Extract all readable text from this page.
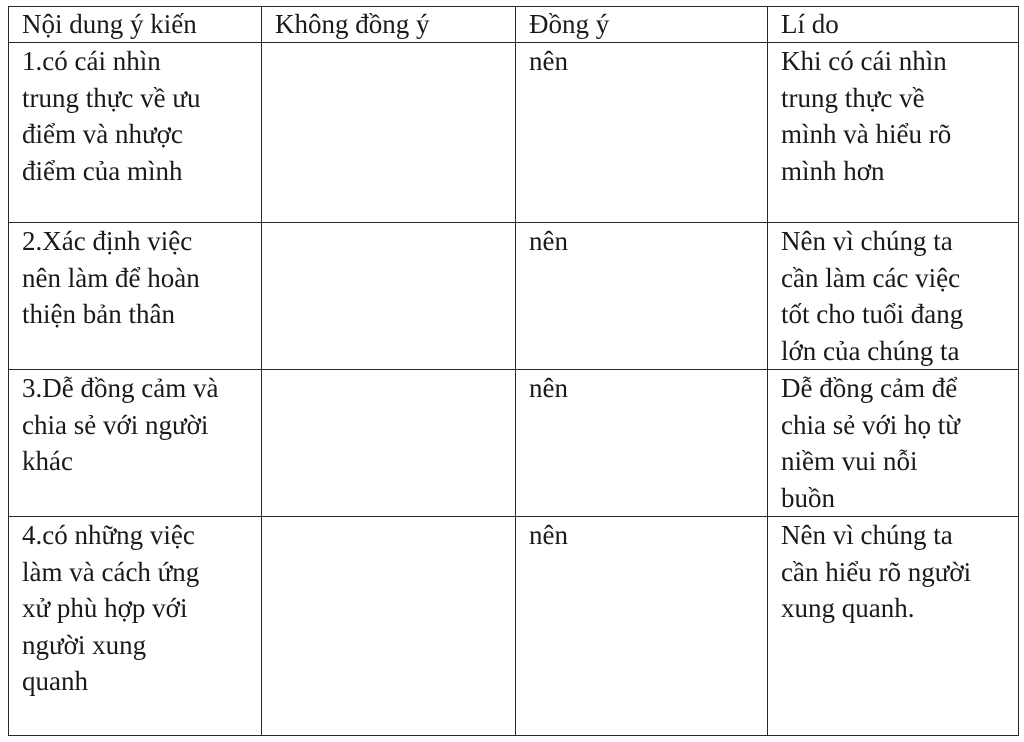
Nội dung ý kiến	Không đồng ý	Đồng ý	Lí do

1.có cái nhìn
trung thực về ưu
điểm và nhược
điểm của mình		nên	Khi có cái nhìn
trung thực về
mình và hiểu rõ
mình hơn

2.Xác định việc
nên làm để hoàn
thiện bản thân		nên	Nên vì chúng ta
cần làm các việc
tốt cho tuổi đang
lớn của chúng ta

3.Dễ đồng cảm và
chia sẻ với người
khác		nên	Dễ đồng cảm để
chia sẻ với họ từ
niềm vui nỗi
buồn

4.có những việc
làm và cách ứng
xử phù hợp với
người xung
quanh		nên	Nên vì chúng ta
cần hiểu rõ người
xung quanh.
